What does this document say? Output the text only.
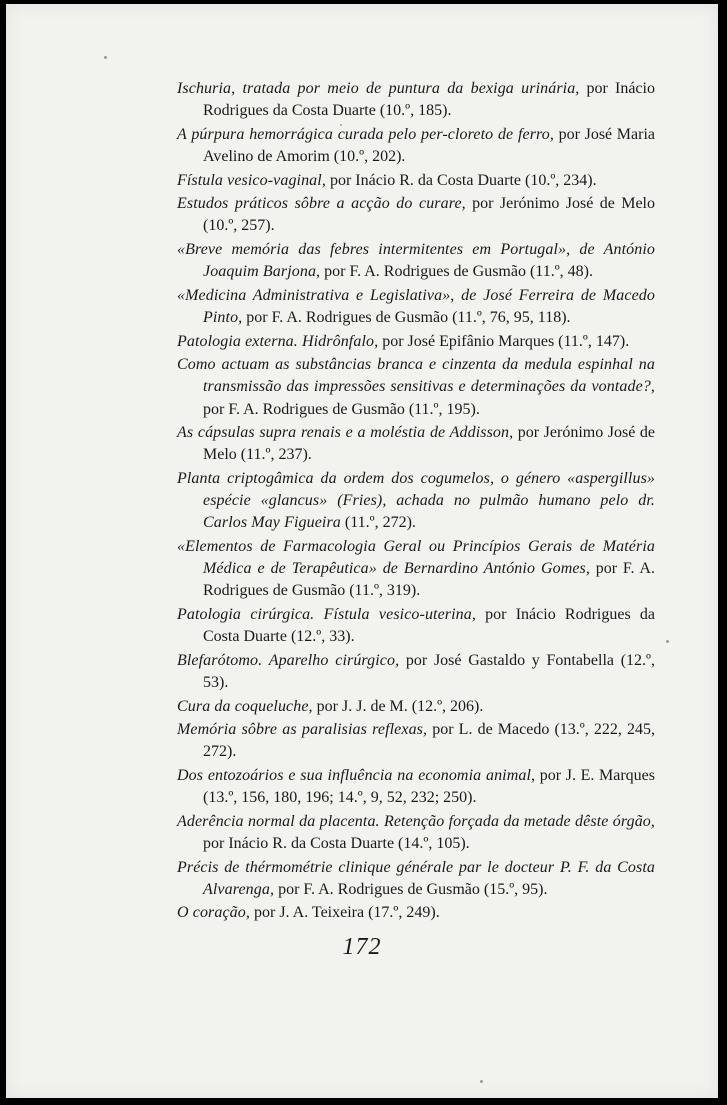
Ischuria, tratada por meio de puntura da bexiga urinária, por Inácio Rodrigues da Costa Duarte (10.º, 185).

A púrpura hemorrágica curada pelo per-cloreto de ferro, por José Maria Avelino de Amorim (10.º, 202).

Fístula vesico-vaginal, por Inácio R. da Costa Duarte (10.º, 234).

Estudos práticos sôbre a acção do curare, por Jerónimo José de Melo (10.º, 257).

«Breve memória das febres intermitentes em Portugal», de António Joaquim Barjona, por F. A. Rodrigues de Gusmão (11.º, 48).

«Medicina Administrativa e Legislativa», de José Ferreira de Macedo Pinto, por F. A. Rodrigues de Gusmão (11.º, 76, 95, 118).

Patologia externa. Hidrônfalo, por José Epifânio Marques (11.º, 147).

Como actuam as substâncias branca e cinzenta da medula espinhal na transmissão das impressões sensitivas e determinações da vontade?, por F. A. Rodrigues de Gusmão (11.º, 195).

As cápsulas supra renais e a moléstia de Addisson, por Jerónimo José de Melo (11.º, 237).

Planta criptogâmica da ordem dos cogumelos, o género «aspergillus» espécie «glancus» (Fries), achada no pulmão humano pelo dr. Carlos May Figueira (11.º, 272).

«Elementos de Farmacologia Geral ou Princípios Gerais de Matéria Médica e de Terapêutica» de Bernardino António Gomes, por F. A. Rodrigues de Gusmão (11.º, 319).

Patologia cirúrgica. Fístula vesico-uterina, por Inácio Rodrigues da Costa Duarte (12.º, 33).

Blefarótomo. Aparelho cirúrgico, por José Gastaldo y Fontabella (12.º, 53).

Cura da coqueluche, por J. J. de M. (12.º, 206).

Memória sôbre as paralisias reflexas, por L. de Macedo (13.º, 222, 245, 272).

Dos entozoários e sua influência na economia animal, por J. E. Marques (13.º, 156, 180, 196; 14.º, 9, 52, 232; 250).

Aderência normal da placenta. Retenção forçada da metade dêste órgão, por Inácio R. da Costa Duarte (14.º, 105).

Précis de thérmométrie clinique générale par le docteur P. F. da Costa Alvarenga, por F. A. Rodrigues de Gusmão (15.º, 95).

O coração, por J. A. Teixeira (17.º, 249).

172
